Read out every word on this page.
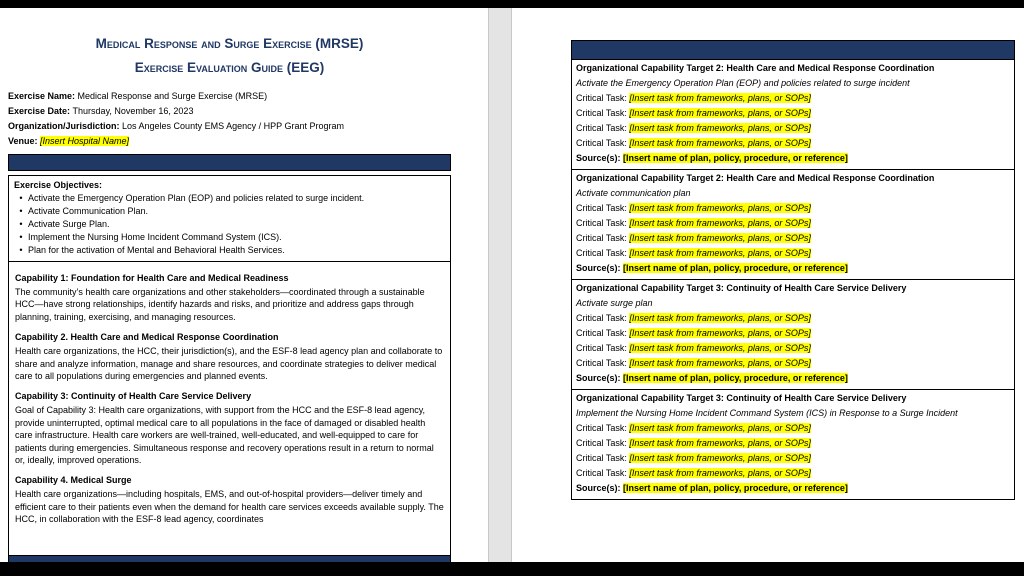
Medical Response and Surge Exercise (MRSE)
Exercise Evaluation Guide (EEG)
Exercise Name: Medical Response and Surge Exercise (MRSE)
Exercise Date: Thursday, November 16, 2023
Organization/Jurisdiction: Los Angeles County EMS Agency / HPP Grant Program
Venue: [Insert Hospital Name]
Exercise Objectives:
• Activate the Emergency Operation Plan (EOP) and policies related to surge incident.
• Activate Communication Plan.
• Activate Surge Plan.
• Implement the Nursing Home Incident Command System (ICS).
• Plan for the activation of Mental and Behavioral Health Services.
Capability 1: Foundation for Health Care and Medical Readiness
The community’s health care organizations and other stakeholders—coordinated through a sustainable HCC—have strong relationships, identify hazards and risks, and prioritize and address gaps through planning, training, exercising, and managing resources.
Capability 2. Health Care and Medical Response Coordination
Health care organizations, the HCC, their jurisdiction(s), and the ESF-8 lead agency plan and collaborate to share and analyze information, manage and share resources, and coordinate strategies to deliver medical care to all populations during emergencies and planned events.
Capability 3: Continuity of Health Care Service Delivery
Goal of Capability 3: Health care organizations, with support from the HCC and the ESF-8 lead agency, provide uninterrupted, optimal medical care to all populations in the face of damaged or disabled health care infrastructure. Health care workers are well-trained, well-educated, and well-equipped to care for patients during emergencies. Simultaneous response and recovery operations result in a return to normal or, ideally, improved operations.
Capability 4. Medical Surge
Health care organizations—including hospitals, EMS, and out-of-hospital providers—deliver timely and efficient care to their patients even when the demand for health care services exceeds available supply. The HCC, in collaboration with the ESF-8 lead agency, coordinates
Organizational Capability Target 2: Health Care and Medical Response Coordination
Activate the Emergency Operation Plan (EOP) and policies related to surge incident
Critical Task: [Insert task from frameworks, plans, or SOPs]
Critical Task: [Insert task from frameworks, plans, or SOPs]
Critical Task: [Insert task from frameworks, plans, or SOPs]
Critical Task: [Insert task from frameworks, plans, or SOPs]
Source(s): [Insert name of plan, policy, procedure, or reference]
Organizational Capability Target 2: Health Care and Medical Response Coordination
Activate communication plan
Critical Task: [Insert task from frameworks, plans, or SOPs]
Critical Task: [Insert task from frameworks, plans, or SOPs]
Critical Task: [Insert task from frameworks, plans, or SOPs]
Critical Task: [Insert task from frameworks, plans, or SOPs]
Source(s): [Insert name of plan, policy, procedure, or reference]
Organizational Capability Target 3: Continuity of Health Care Service Delivery
Activate surge plan
Critical Task: [Insert task from frameworks, plans, or SOPs]
Critical Task: [Insert task from frameworks, plans, or SOPs]
Critical Task: [Insert task from frameworks, plans, or SOPs]
Critical Task: [Insert task from frameworks, plans, or SOPs]
Source(s): [Insert name of plan, policy, procedure, or reference]
Organizational Capability Target 3: Continuity of Health Care Service Delivery
Implement the Nursing Home Incident Command System (ICS) in Response to a Surge Incident
Critical Task: [Insert task from frameworks, plans, or SOPs]
Critical Task: [Insert task from frameworks, plans, or SOPs]
Critical Task: [Insert task from frameworks, plans, or SOPs]
Critical Task: [Insert task from frameworks, plans, or SOPs]
Source(s): [Insert name of plan, policy, procedure, or reference]
